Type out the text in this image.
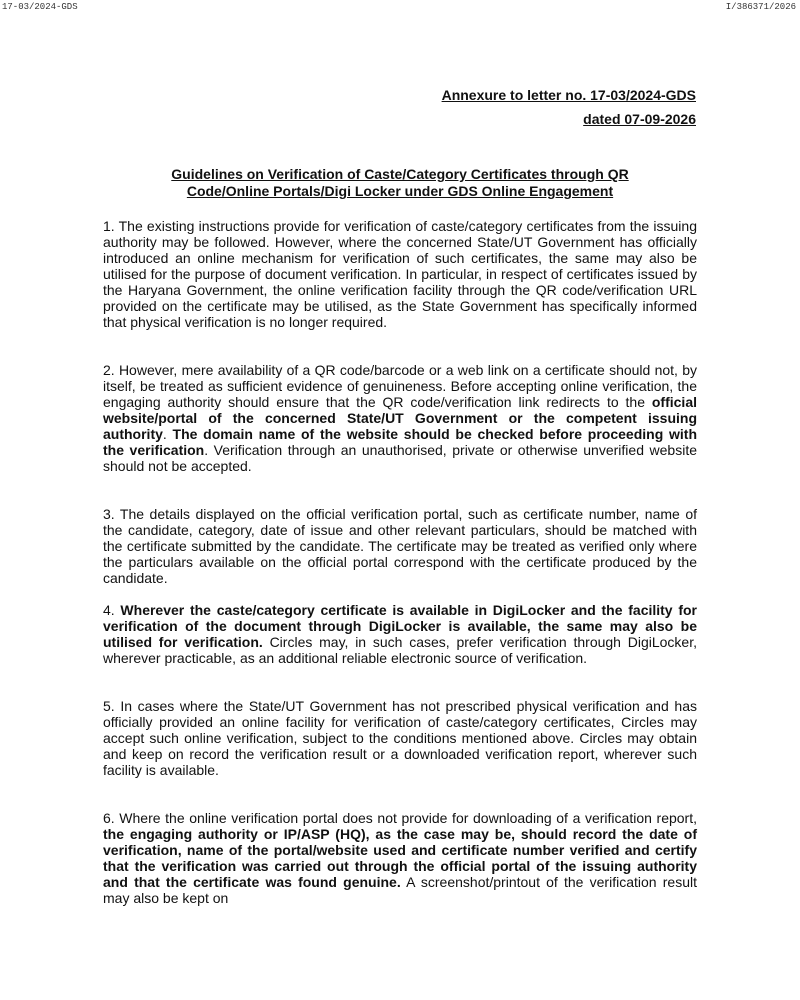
17-03/2024-GDS	I/386371/2026
Annexure to letter no. 17-03/2024-GDS
dated 07-09-2026
Guidelines on Verification of Caste/Category Certificates through QR
Code/Online Portals/Digi Locker under GDS Online Engagement

1. The existing instructions provide for verification of caste/category certificates from the issuing authority may be followed. However, where the concerned State/UT Government has officially introduced an online mechanism for verification of such certificates, the same may also be utilised for the purpose of document verification. In particular, in respect of certificates issued by the Haryana Government, the online verification facility through the QR code/verification URL provided on the certificate may be utilised, as the State Government has specifically informed that physical verification is no longer required.

2. However, mere availability of a QR code/barcode or a web link on a certificate should not, by itself, be treated as sufficient evidence of genuineness. Before accepting online verification, the engaging authority should ensure that the QR code/verification link redirects to the official website/portal of the concerned State/UT Government or the competent issuing authority. The domain name of the website should be checked before proceeding with the verification. Verification through an unauthorised, private or otherwise unverified website should not be accepted.

3. The details displayed on the official verification portal, such as certificate number, name of the candidate, category, date of issue and other relevant particulars, should be matched with the certificate submitted by the candidate. The certificate may be treated as verified only where the particulars available on the official portal correspond with the certificate produced by the candidate.

4. Wherever the caste/category certificate is available in DigiLocker and the facility for verification of the document through DigiLocker is available, the same may also be utilised for verification. Circles may, in such cases, prefer verification through DigiLocker, wherever practicable, as an additional reliable electronic source of verification.

5. In cases where the State/UT Government has not prescribed physical verification and has officially provided an online facility for verification of caste/category certificates, Circles may accept such online verification, subject to the conditions mentioned above. Circles may obtain and keep on record the verification result or a downloaded verification report, wherever such facility is available.

6. Where the online verification portal does not provide for downloading of a verification report, the engaging authority or IP/ASP (HQ), as the case may be, should record the date of verification, name of the portal/website used and certificate number verified and certify that the verification was carried out through the official portal of the issuing authority and that the certificate was found genuine. A screenshot/printout of the verification result may also be kept on
